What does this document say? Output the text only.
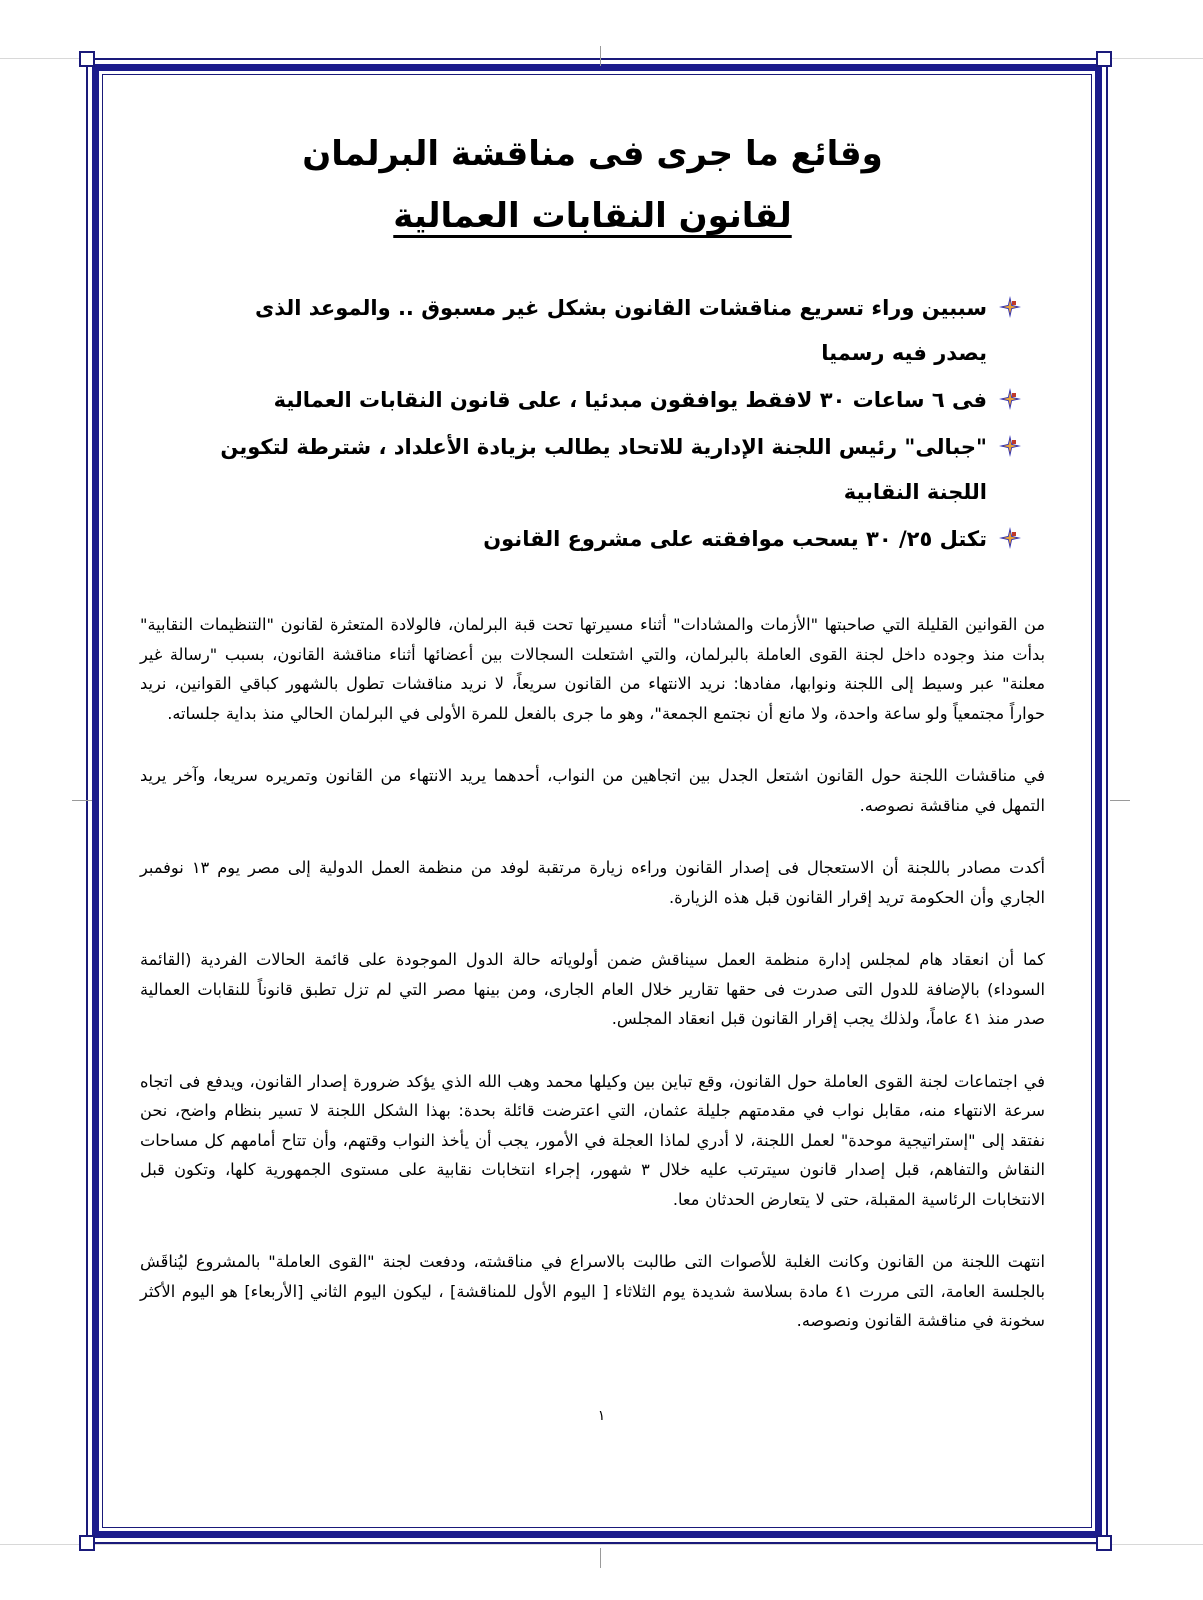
وقائع ما جرى فى مناقشة البرلمان
لقانون النقابات العمالية
سببين وراء تسريع مناقشات القانون بشكل غير مسبوق .. والموعد الذى يصدر فيه رسميا
فى ٦ ساعات ٣٠ لافقط يوافقون مبدئيا ، على قانون النقابات العمالية
"جبالى" رئيس اللجنة الإدارية للاتحاد يطالب بزيادة الأعلداد ، شترطة لتكوين اللجنة النقابية
تكتل ٢٥/ ٣٠ يسحب موافقته على مشروع القانون

من القوانين القليلة التي صاحبتها "الأزمات والمشادات" أثناء مسيرتها تحت قبة البرلمان، فالولادة المتعثرة لقانون "التنظيمات النقابية" بدأت منذ وجوده داخل لجنة القوى العاملة بالبرلمان، والتي اشتعلت السجالات بين أعضائها أثناء مناقشة القانون، بسبب "رسالة غير معلنة" عبر وسيط إلى اللجنة ونوابها، مفادها: نريد الانتهاء من القانون سريعاً، لا نريد مناقشات تطول بالشهور كباقي القوانين، نريد حواراً مجتمعياً ولو ساعة واحدة، ولا مانع أن نجتمع الجمعة"، وهو ما جرى بالفعل للمرة الأولى في البرلمان الحالي منذ بداية جلساته.

في مناقشات اللجنة حول القانون اشتعل الجدل بين اتجاهين من النواب، أحدهما يريد الانتهاء من القانون وتمريره سريعا، وآخر يريد التمهل في مناقشة نصوصه.

أكدت مصادر باللجنة أن الاستعجال فى إصدار القانون وراءه زيارة مرتقبة لوفد من منظمة العمل الدولية إلى مصر يوم ١٣ نوفمبر الجاري وأن الحكومة تريد إقرار القانون قبل هذه الزيارة.

كما أن انعقاد هام لمجلس إدارة منظمة العمل سيناقش ضمن أولوياته حالة الدول الموجودة على قائمة الحالات الفردية (القائمة السوداء) بالإضافة للدول التى صدرت فى حقها تقارير خلال العام الجارى، ومن بينها مصر التي لم تزل تطبق قانوناً للنقابات العمالية صدر منذ ٤١ عاماً، ولذلك يجب إقرار القانون قبل انعقاد المجلس.

في اجتماعات لجنة القوى العاملة حول القانون، وقع تباين بين وكيلها محمد وهب الله الذي يؤكد ضرورة إصدار القانون، ويدفع فى اتجاه سرعة الانتهاء منه، مقابل نواب في مقدمتهم جليلة عثمان، التي اعترضت قائلة بحدة: بهذا الشكل اللجنة لا تسير بنظام واضح، نحن نفتقد إلى "إستراتيجية موحدة" لعمل اللجنة، لا أدري لماذا العجلة في الأمور، يجب أن يأخذ النواب وقتهم، وأن تتاح أمامهم كل مساحات النقاش والتفاهم، قبل إصدار قانون سيترتب عليه خلال ٣ شهور، إجراء انتخابات نقابية على مستوى الجمهورية كلها، وتكون قبل الانتخابات الرئاسية المقبلة، حتى لا يتعارض الحدثان معا.

انتهت اللجنة من القانون وكانت الغلبة للأصوات التى طالبت بالاسراع في مناقشته، ودفعت لجنة "القوى العاملة" بالمشروع ليُناقَش بالجلسة العامة، التى مررت ٤١ مادة بسلاسة شديدة يوم الثلاثاء [ اليوم الأول للمناقشة] ، ليكون اليوم الثاني [الأربعاء] هو اليوم الأكثر سخونة في مناقشة القانون ونصوصه.

١
